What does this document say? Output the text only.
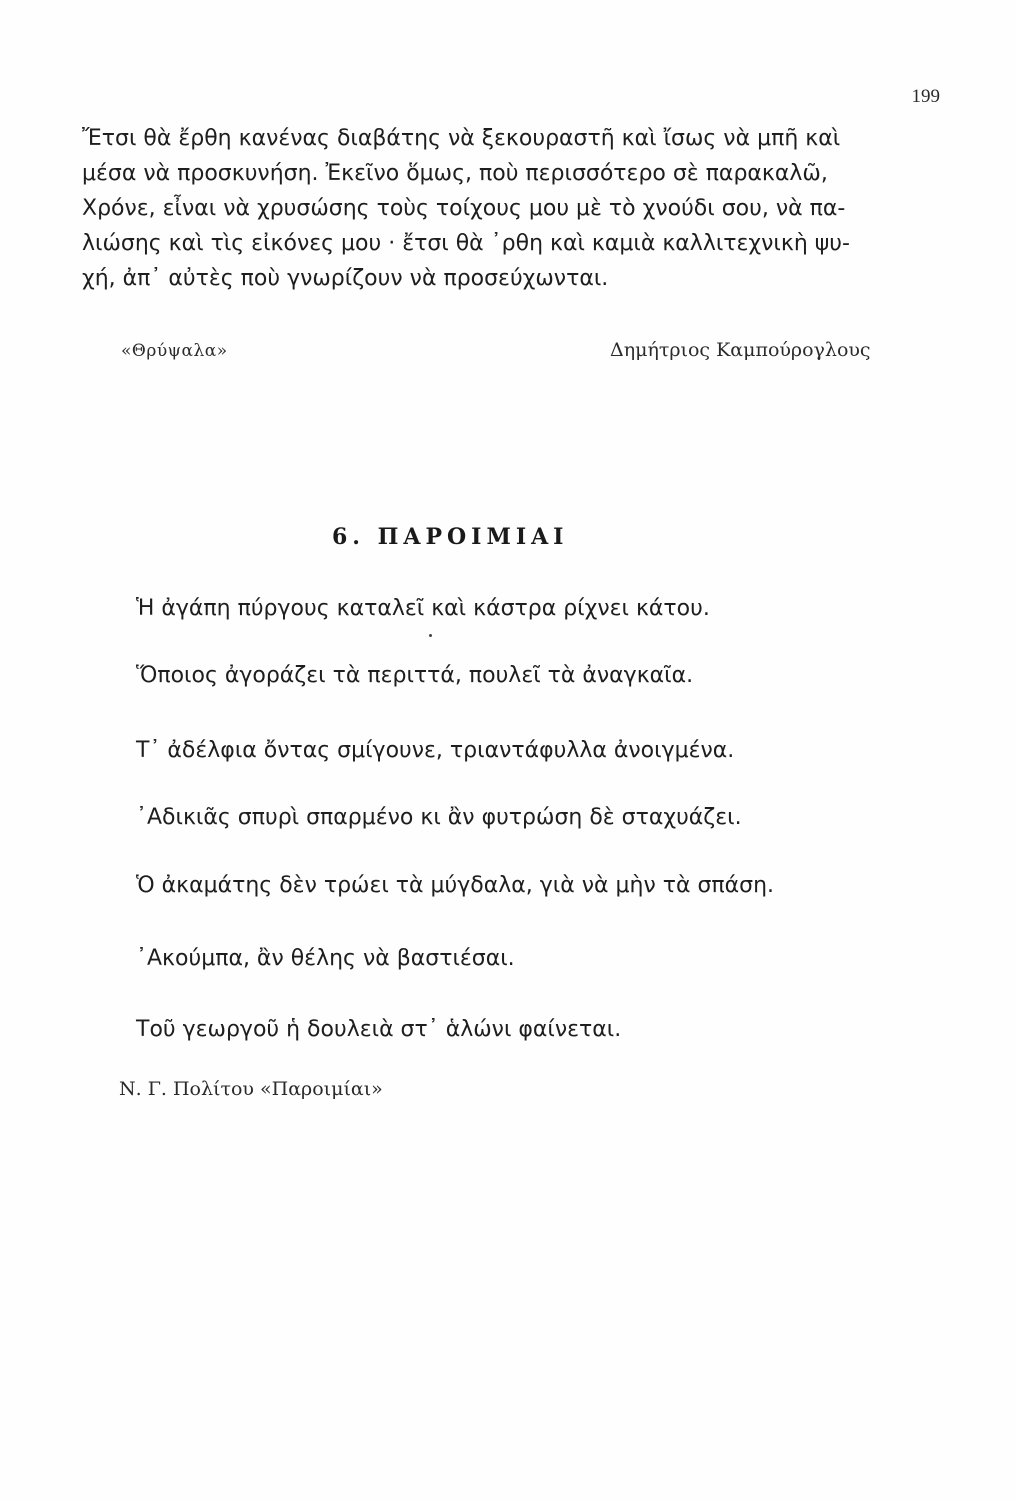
199
Ἔτσι θὰ ἔρθη κανένας διαβάτης νὰ ξεκουραστῆ καὶ ἴσως νὰ μπῆ καὶ
μέσα νὰ προσκυνήση. Ἐκεῖνο ὅμως, ποὺ περισσότερο σὲ παρακαλῶ,
Χρόνε, εἶναι νὰ χρυσώσης τοὺς τοίχους μου μὲ τὸ χνούδι σου, νὰ πα-
λιώσης καὶ τὶς εἰκόνες μου · ἔτσι θὰ ᾽ρθη καὶ καμιὰ καλλιτεχνικὴ ψυ-
χή, ἀπ᾽ αὐτὲς ποὺ γνωρίζουν νὰ προσεύχωνται.
«Θρύψαλα»	Δημήτριος Καμπούρογλους
6. ΠΑΡΟΙΜΙΑΙ
Ἡ ἀγάπη πύργους καταλεῖ καὶ κάστρα ρίχνει κάτου.
Ὅποιος ἀγοράζει τὰ περιττά, πουλεῖ τὰ ἀναγκαῖα.
Τ᾽ ἀδέλφια ὄντας σμίγουνε, τριαντάφυλλα ἀνοιγμένα.
᾽Αδικιᾶς σπυρὶ σπαρμένο κι ἂν φυτρώση δὲ σταχυάζει.
Ὁ ἀκαμάτης δὲν τρώει τὰ μύγδαλα, γιὰ νὰ μὴν τὰ σπάση.
᾽Ακούμπα, ἂν θέλης νὰ βαστιέσαι.
Τοῦ γεωργοῦ ἡ δουλειὰ στ᾽ ἁλώνι φαίνεται.
Ν. Γ. Πολίτου «Παροιμίαι»
